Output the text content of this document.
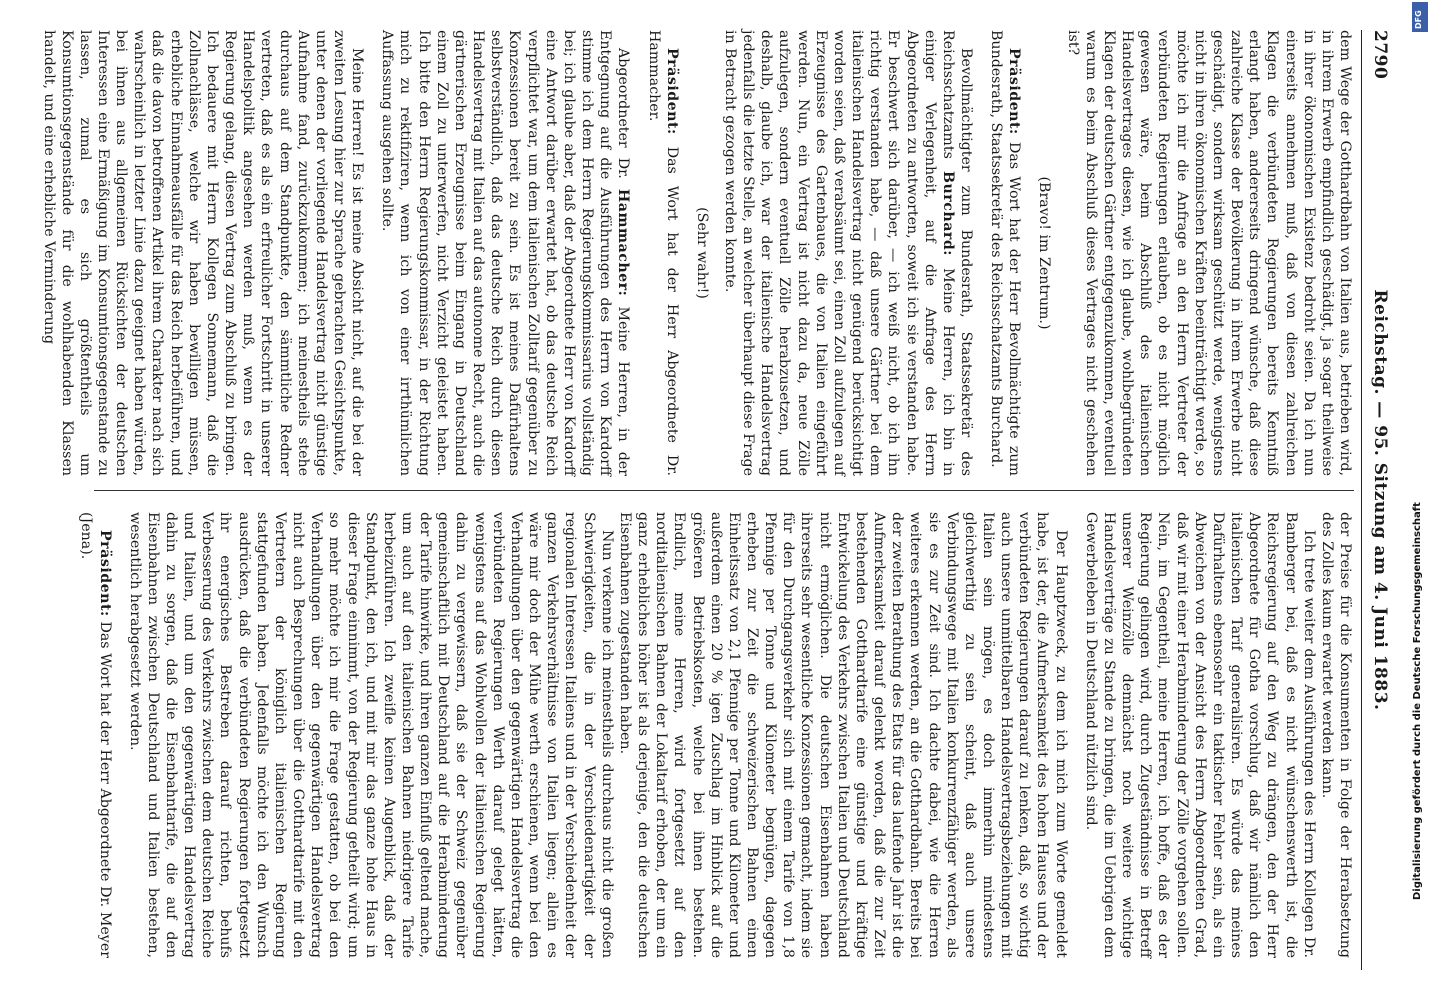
2790
Reichstag. — 95. Sitzung am 4. Juni 1883.

dem Wege der Gotthardbahn von Italien aus, betrieben wird, in ihrem Erwerb empfindlich geschädigt, ja sogar theilweise in ihrer ökonomischen Existenz bedroht seien. Da ich nun einerseits annehmen muß, daß von diesen zahlreichen Klagen die verbündeten Regierungen bereits Kenntniß erlangt haben, andererseits dringend wünsche, daß diese zahlreiche Klasse der Bevölkerung in ihrem Erwerbe nicht geschädigt, sondern wirksam geschützt werde, wenigstens nicht in ihren ökonomischen Kräften beeinträchtigt werde, so möchte ich mir die Anfrage an den Herrn Vertreter der verbündeten Regierungen erlauben, ob es nicht möglich gewesen wäre, beim Abschluß des italienischen Handelsvertrages diesen, wie ich glaube, wohlbegründeten Klagen der deutschen Gärtner entgegenzukommen, eventuell warum es beim Abschluß dieses Vertrages nicht geschehen ist?

(Bravo! im Zentrum.)

Präsident: Das Wort hat der Herr Bevollmächtigte zum Bundesrath, Staatssekretär des Reichsschatzamts Burchard.

Bevollmächtigter zum Bundesrath, Staatssekretär des Reichsschatzamts Burchard: Meine Herren, ich bin in einiger Verlegenheit, auf die Anfrage des Herrn Abgeordneten zu antworten, soweit ich sie verstanden habe. Er beschwert sich darüber, — ich weiß nicht, ob ich ihn richtig verstanden habe, — daß unsere Gärtner bei dem italienischen Handelsvertrag nicht genügend berücksichtigt worden seien, daß verabsäumt sei, einen Zoll aufzulegen auf Erzeugnisse des Gartenbaues, die von Italien eingeführt werden. Nun, ein Vertrag ist nicht dazu da, neue Zölle aufzulegen, sondern eventuell Zölle herabzusetzen, und deshalb, glaube ich, war der italienische Handelsvertrag jedenfalls die letzte Stelle, an welcher überhaupt diese Frage in Betracht gezogen werden konnte.

(Sehr wahr!)

Präsident: Das Wort hat der Herr Abgeordnete Dr. Hammacher.

Abgeordneter Dr. Hammacher: Meine Herren, in der Entgegnung auf die Ausführungen des Herrn von Kardorff stimme ich dem Herrn Regierungskommissarius vollständig bei; ich glaube aber, daß der Abgeordnete Herr von Kardorff eine Antwort darüber erwartet hat, ob das deutsche Reich verpflichtet war, um dem italienischen Zolltarif gegenüber zu Konzessionen bereit zu sein. Es ist meines Dafürhaltens selbstverständlich, daß das deutsche Reich durch diesen Handelsvertrag mit Italien auf das autonome Recht, auch die gärtnerischen Erzeugnisse beim Eingang in Deutschland einem Zoll zu unterwerfen, nicht Verzicht geleistet haben. Ich bitte den Herrn Regierungskommissar, in der Richtung mich zu rektifiziren, wenn ich von einer irrthümlichen Auffassung ausgehen sollte.

Meine Herren! Es ist meine Absicht nicht, auf die bei der zweiten Lesung hier zur Sprache gebrachten Gesichtspunkte, unter denen der vorliegende Handelsvertrag nicht günstige Aufnahme fand, zurückzukommen; ich meinestheils stehe durchaus auf dem Standpunkte, den sämmtliche Redner vertreten, daß es als ein erfreulicher Fortschritt in unserer Handelspolitik angesehen werden muß, wenn es der Regierung gelang, diesen Vertrag zum Abschluß zu bringen. Ich bedauere mit Herrn Kollegen Sonnemann, daß die Zollnachlässe, welche wir haben bewilligen müssen, erhebliche Einnahmeausfälle für das Reich herbeiführen, und daß die davon betroffenen Artikel ihrem Charakter nach sich wahrscheinlich in letzter Linie dazu geeignet haben würden, bei ihnen aus allgemeinen Rücksichten der deutschen Interessen eine Ermäßigung im Konsumtionsgegenstande zu lassen, zumal es sich größtentheils um Konsumtionsgegenstände für die wohlhabenden Klassen handelt, und eine erhebliche Verminderung

der Preise für die Konsumenten in Folge der Herabsetzung des Zolles kaum erwartet werden kann.

Ich trete weiter dem Ausführungen des Herrn Kollegen Dr. Bamberger bei, daß es nicht wünschenswerth ist, die Reichsregierung auf den Weg zu drängen, den der Herr Abgeordnete für Gotha vorschlug, daß wir nämlich den italienischen Tarif generalisiren. Es würde das meines Dafürhaltens ebensosehr ein taktischer Fehler sein, als ein Abweichen von der Ansicht des Herrn Abgeordneten Grad, daß wir mit einer Herabminderung der Zölle vorgehen sollen. Nein, im Gegentheil, meine Herren, ich hoffe, daß es der Regierung gelingen wird, durch Zugeständnisse in Betreff unserer Weinzölle demnächst noch weitere wichtige Handelsverträge zu Stande zu bringen, die im Uebrigen dem Gewerbeleben in Deutschland nützlich sind.

Der Hauptzweck, zu dem ich mich zum Worte gemeldet habe, ist der, die Aufmerksamkeit des hohen Hauses und der verbündeten Regierungen darauf zu lenken, daß, so wichtig auch unsere unmittelbaren Handelsvertragsbeziehungen mit Italien sein mögen, es doch immerhin mindestens gleichwerthig zu sein scheint, daß auch unsere Verbindungswege mit Italien konkurrenzfähiger werden, als sie es zur Zeit sind. Ich dachte dabei, wie die Herren weiteres erkennen werden, an die Gotthardbahn. Bereits bei der zweiten Berathung des Etats für das laufende Jahr ist die Aufmerksamkeit darauf gelenkt worden, daß die zur Zeit bestehenden Gotthardtarife eine günstige und kräftige Entwickelung des Verkehrs zwischen Italien und Deutschland nicht ermöglichen. Die deutschen Eisenbahnen haben ihrerseits sehr wesentliche Konzessionen gemacht, indem sie für den Durchgangsverkehr sich mit einem Tarife von 1,8 Pfennige per Tonne und Kilometer begnügen, dagegen erheben zur Zeit die schweizerischen Bahnen einen Einheitssatz von 2,1 Pfennige per Tonne und Kilometer und außerdem einen 20 % igen Zuschlag im Hinblick auf die größeren Betriebskosten, welche bei ihnen bestehen. Endlich, meine Herren, wird fortgesetzt auf den norditalienischen Bahnen der Lokaltarif erhoben, der um ein ganz erhebliches höher ist als derjenige, den die deutschen Eisenbahnen zugestanden haben.

Nun verkenne ich meinestheils durchaus nicht die großen Schwierigkeiten, die in der Verschiedenartigkeit der regionalen Interessen Italiens und in der Verschiedenheit der ganzen Verkehrsverhältnisse von Italien liegen; allein es wäre mir doch der Mühe werth erschienen, wenn bei den Verhandlungen über den gegenwärtigen Handelsvertrag die verbündeten Regierungen Werth darauf gelegt hätten, wenigstens auf das Wohlwollen der italienischen Regierung dahin zu vergewissern, daß sie der Schweiz gegenüber gemeinschaftlich mit Deutschland auf die Herabminderung der Tarife hinwirke, und ihren ganzen Einfluß geltend mache, um auch auf den italienischen Bahnen niedrigere Tarife herbeizuführen. Ich zweifle keinen Augenblick, daß der Standpunkt, den ich, und mit mir das ganze hohe Haus in dieser Frage einnimmt, von der Regierung getheilt wird; um so mehr möchte ich mir die Frage gestatten, ob bei den Verhandlungen über den gegenwärtigen Handelsvertrag nicht auch Besprechungen über die Gotthardtarife mit den Vertretern der königlich italienischen Regierung stattgefunden haben. Jedenfalls möchte ich den Wunsch ausdrücken, daß die verbündeten Regierungen fortgesetzt ihr energisches Bestreben darauf richten, behufs Verbesserung des Verkehrs zwischen dem deutschen Reiche und Italien, und um den gegenwärtigen Handelsvertrag dahin zu sorgen, daß die Eisenbahntarife, die auf den Eisenbahnen zwischen Deutschland und Italien bestehen, wesentlich herabgesetzt werden.

Präsident: Das Wort hat der Herr Abgeordnete Dr. Meyer (Jena).

DFG
Digitalisierung gefördert durch die Deutsche Forschungsgemeinschaft
